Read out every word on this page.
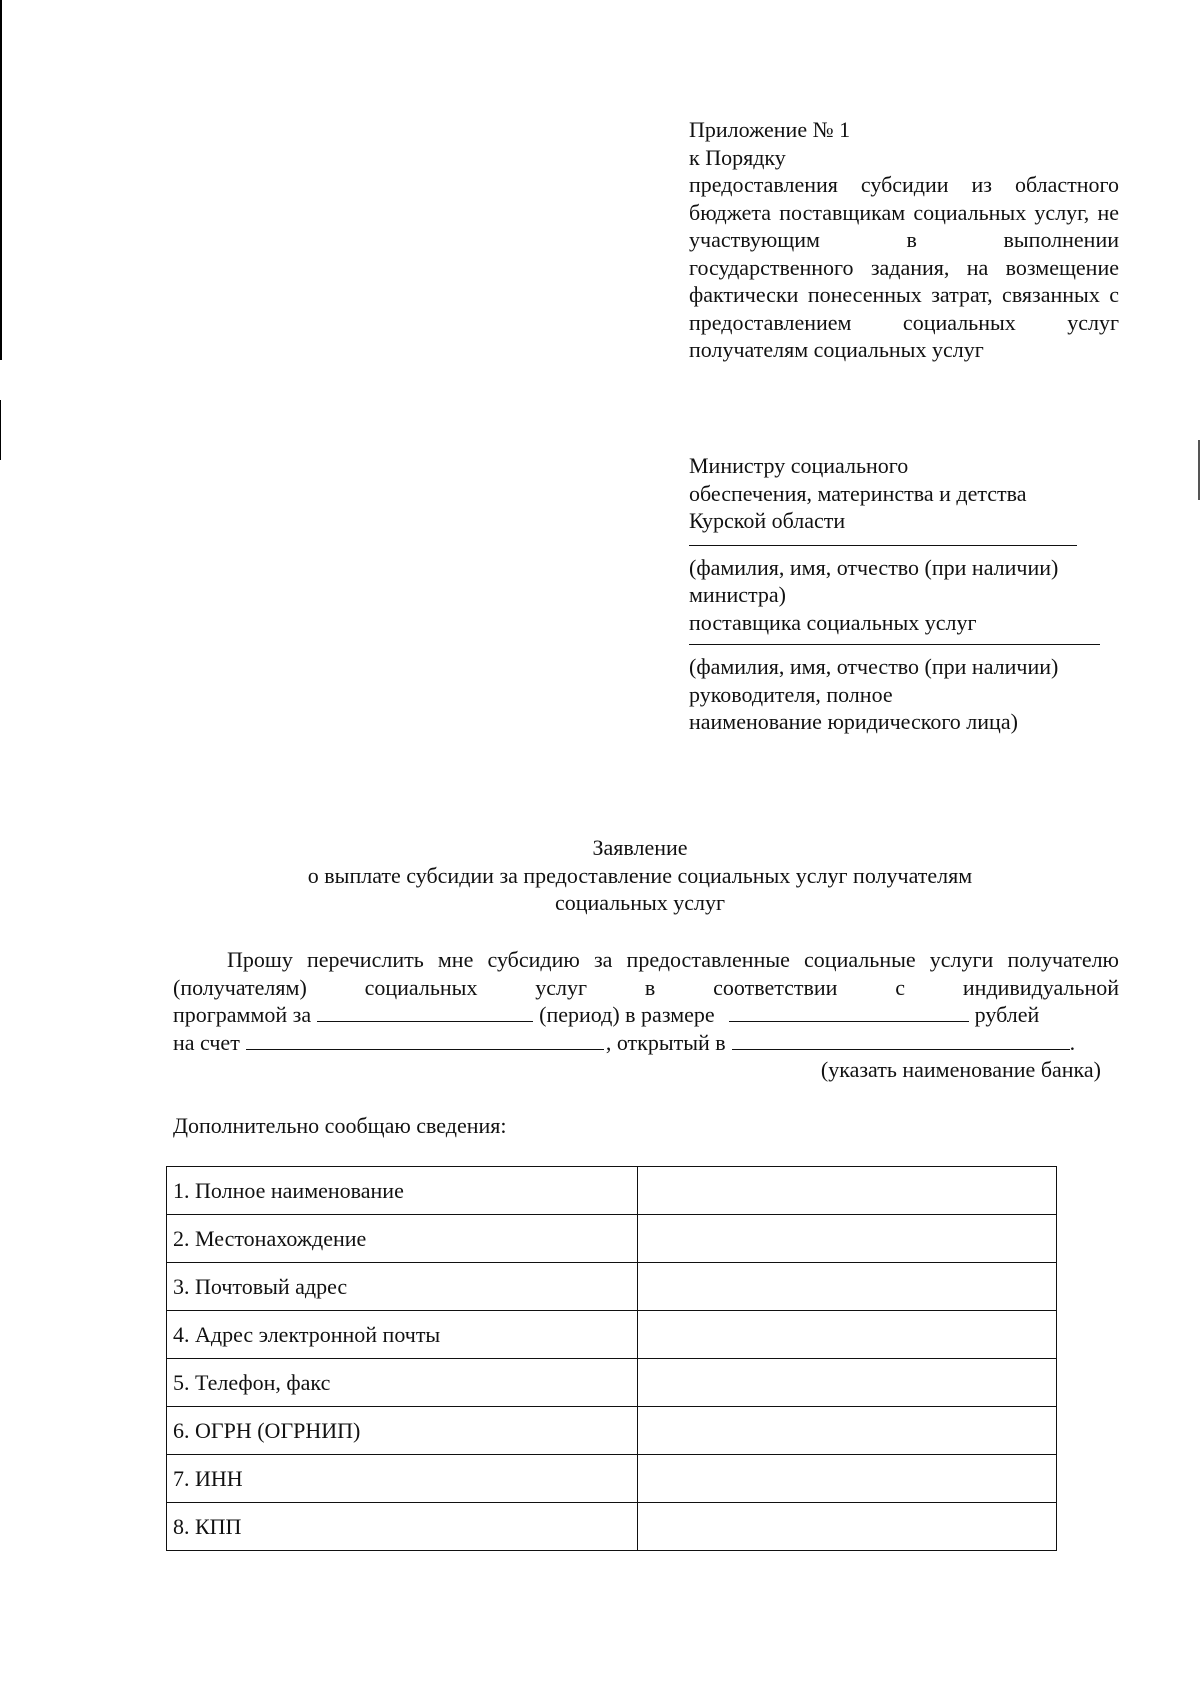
Приложение № 1
к Порядку
предоставления субсидии из областного бюджета поставщикам социальных услуг, не участвующим в выполнении государственного задания, на возмещение фактически понесенных затрат, связанных с предоставлением социальных услуг получателям социальных услуг
Министру социального
обеспечения, материнства и детства
Курской области
(фамилия, имя, отчество (при наличии)
министра)
поставщика социальных услуг
(фамилия, имя, отчество (при наличии)
руководителя, полное
наименование юридического лица)
Заявление
о выплате субсидии за предоставление социальных услуг получателям
социальных услуг
Прошу перечислить мне субсидию за предоставленные социальные услуги получателю (получателям) социальных услуг в соответствии с индивидуальной
программой за	(период) в размере	рублей
на счет	, открытый в	.
(указать наименование банка)
Дополнительно сообщаю сведения:
1. Полное наименование	
2. Местонахождение	
3. Почтовый адрес	
4. Адрес электронной почты	
5. Телефон, факс	
6. ОГРН (ОГРНИП)	
7. ИНН	
8. КПП	
